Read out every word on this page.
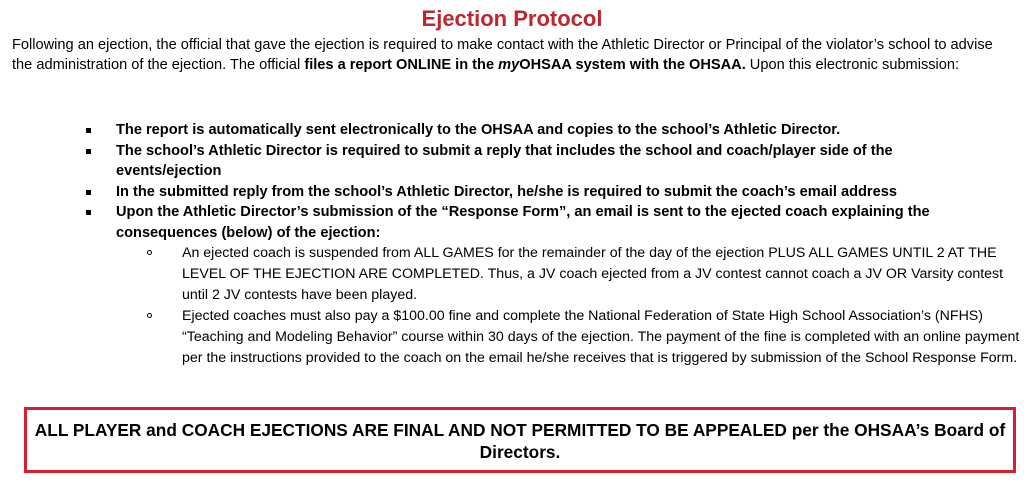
Ejection Protocol
Following an ejection, the official that gave the ejection is required to make contact with the Athletic Director or Principal of the violator’s school to advise the administration of the ejection. The official files a report ONLINE in the myOHSAA system with the OHSAA. Upon this electronic submission:
The report is automatically sent electronically to the OHSAA and copies to the school’s Athletic Director.
The school’s Athletic Director is required to submit a reply that includes the school and coach/player side of the events/ejection
In the submitted reply from the school’s Athletic Director, he/she is required to submit the coach’s email address
Upon the Athletic Director’s submission of the “Response Form”, an email is sent to the ejected coach explaining the consequences (below) of the ejection:
An ejected coach is suspended from ALL GAMES for the remainder of the day of the ejection PLUS ALL GAMES UNTIL 2 AT THE LEVEL OF THE EJECTION ARE COMPLETED. Thus, a JV coach ejected from a JV contest cannot coach a JV OR Varsity contest until 2 JV contests have been played.
Ejected coaches must also pay a $100.00 fine and complete the National Federation of State High School Association’s (NFHS) “Teaching and Modeling Behavior” course within 30 days of the ejection. The payment of the fine is completed with an online payment per the instructions provided to the coach on the email he/she receives that is triggered by submission of the School Response Form.
ALL PLAYER and COACH EJECTIONS ARE FINAL AND NOT PERMITTED TO BE APPEALED per the OHSAA’s Board of Directors.
